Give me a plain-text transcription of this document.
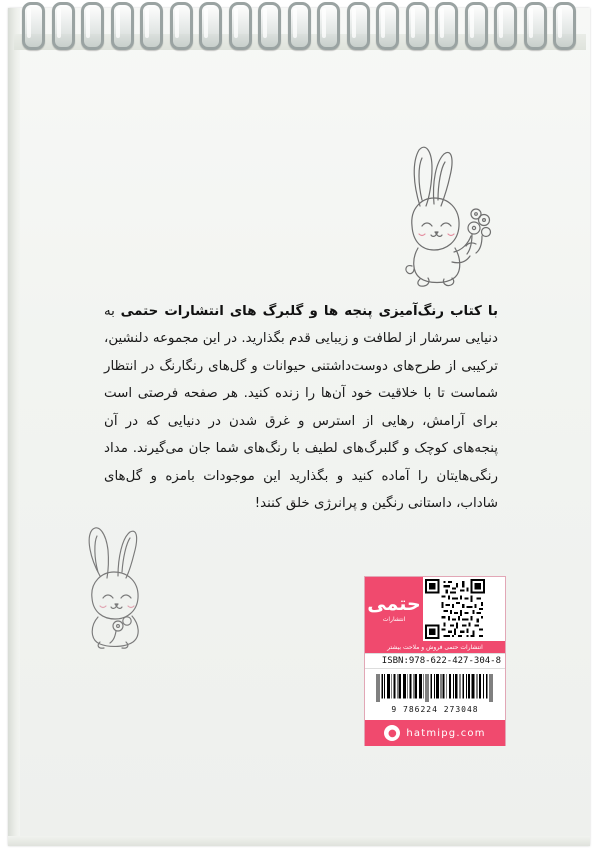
با کتاب رنگ‌آمیزی پنجه ها و گلبرگ های انتشارات حتمی به دنیایی سرشار از لطافت و زیبایی قدم بگذارید. در این مجموعه دلنشین، ترکیبی از طرح‌های دوست‌داشتنی حیوانات و گل‌های رنگارنگ در انتظار شماست تا با خلاقیت خود آن‌ها را زنده کنید. هر صفحه فرصتی است برای آرامش، رهایی از استرس و غرق شدن در دنیایی که در آن پنجه‌های کوچک و گلبرگ‌های لطیف با رنگ‌های شما جان می‌گیرند. مداد رنگی‌هایتان را آماده کنید و بگذارید این موجودات بامزه و گل‌های شاداب، داستانی رنگین و پرانرژی خلق کنند!
حتمی
انتشارات
انتشارات حتمی فروش و ملاحت بیشتر
ISBN:978-622-427-304-8
9 786224 273048
● hatmipg.com
